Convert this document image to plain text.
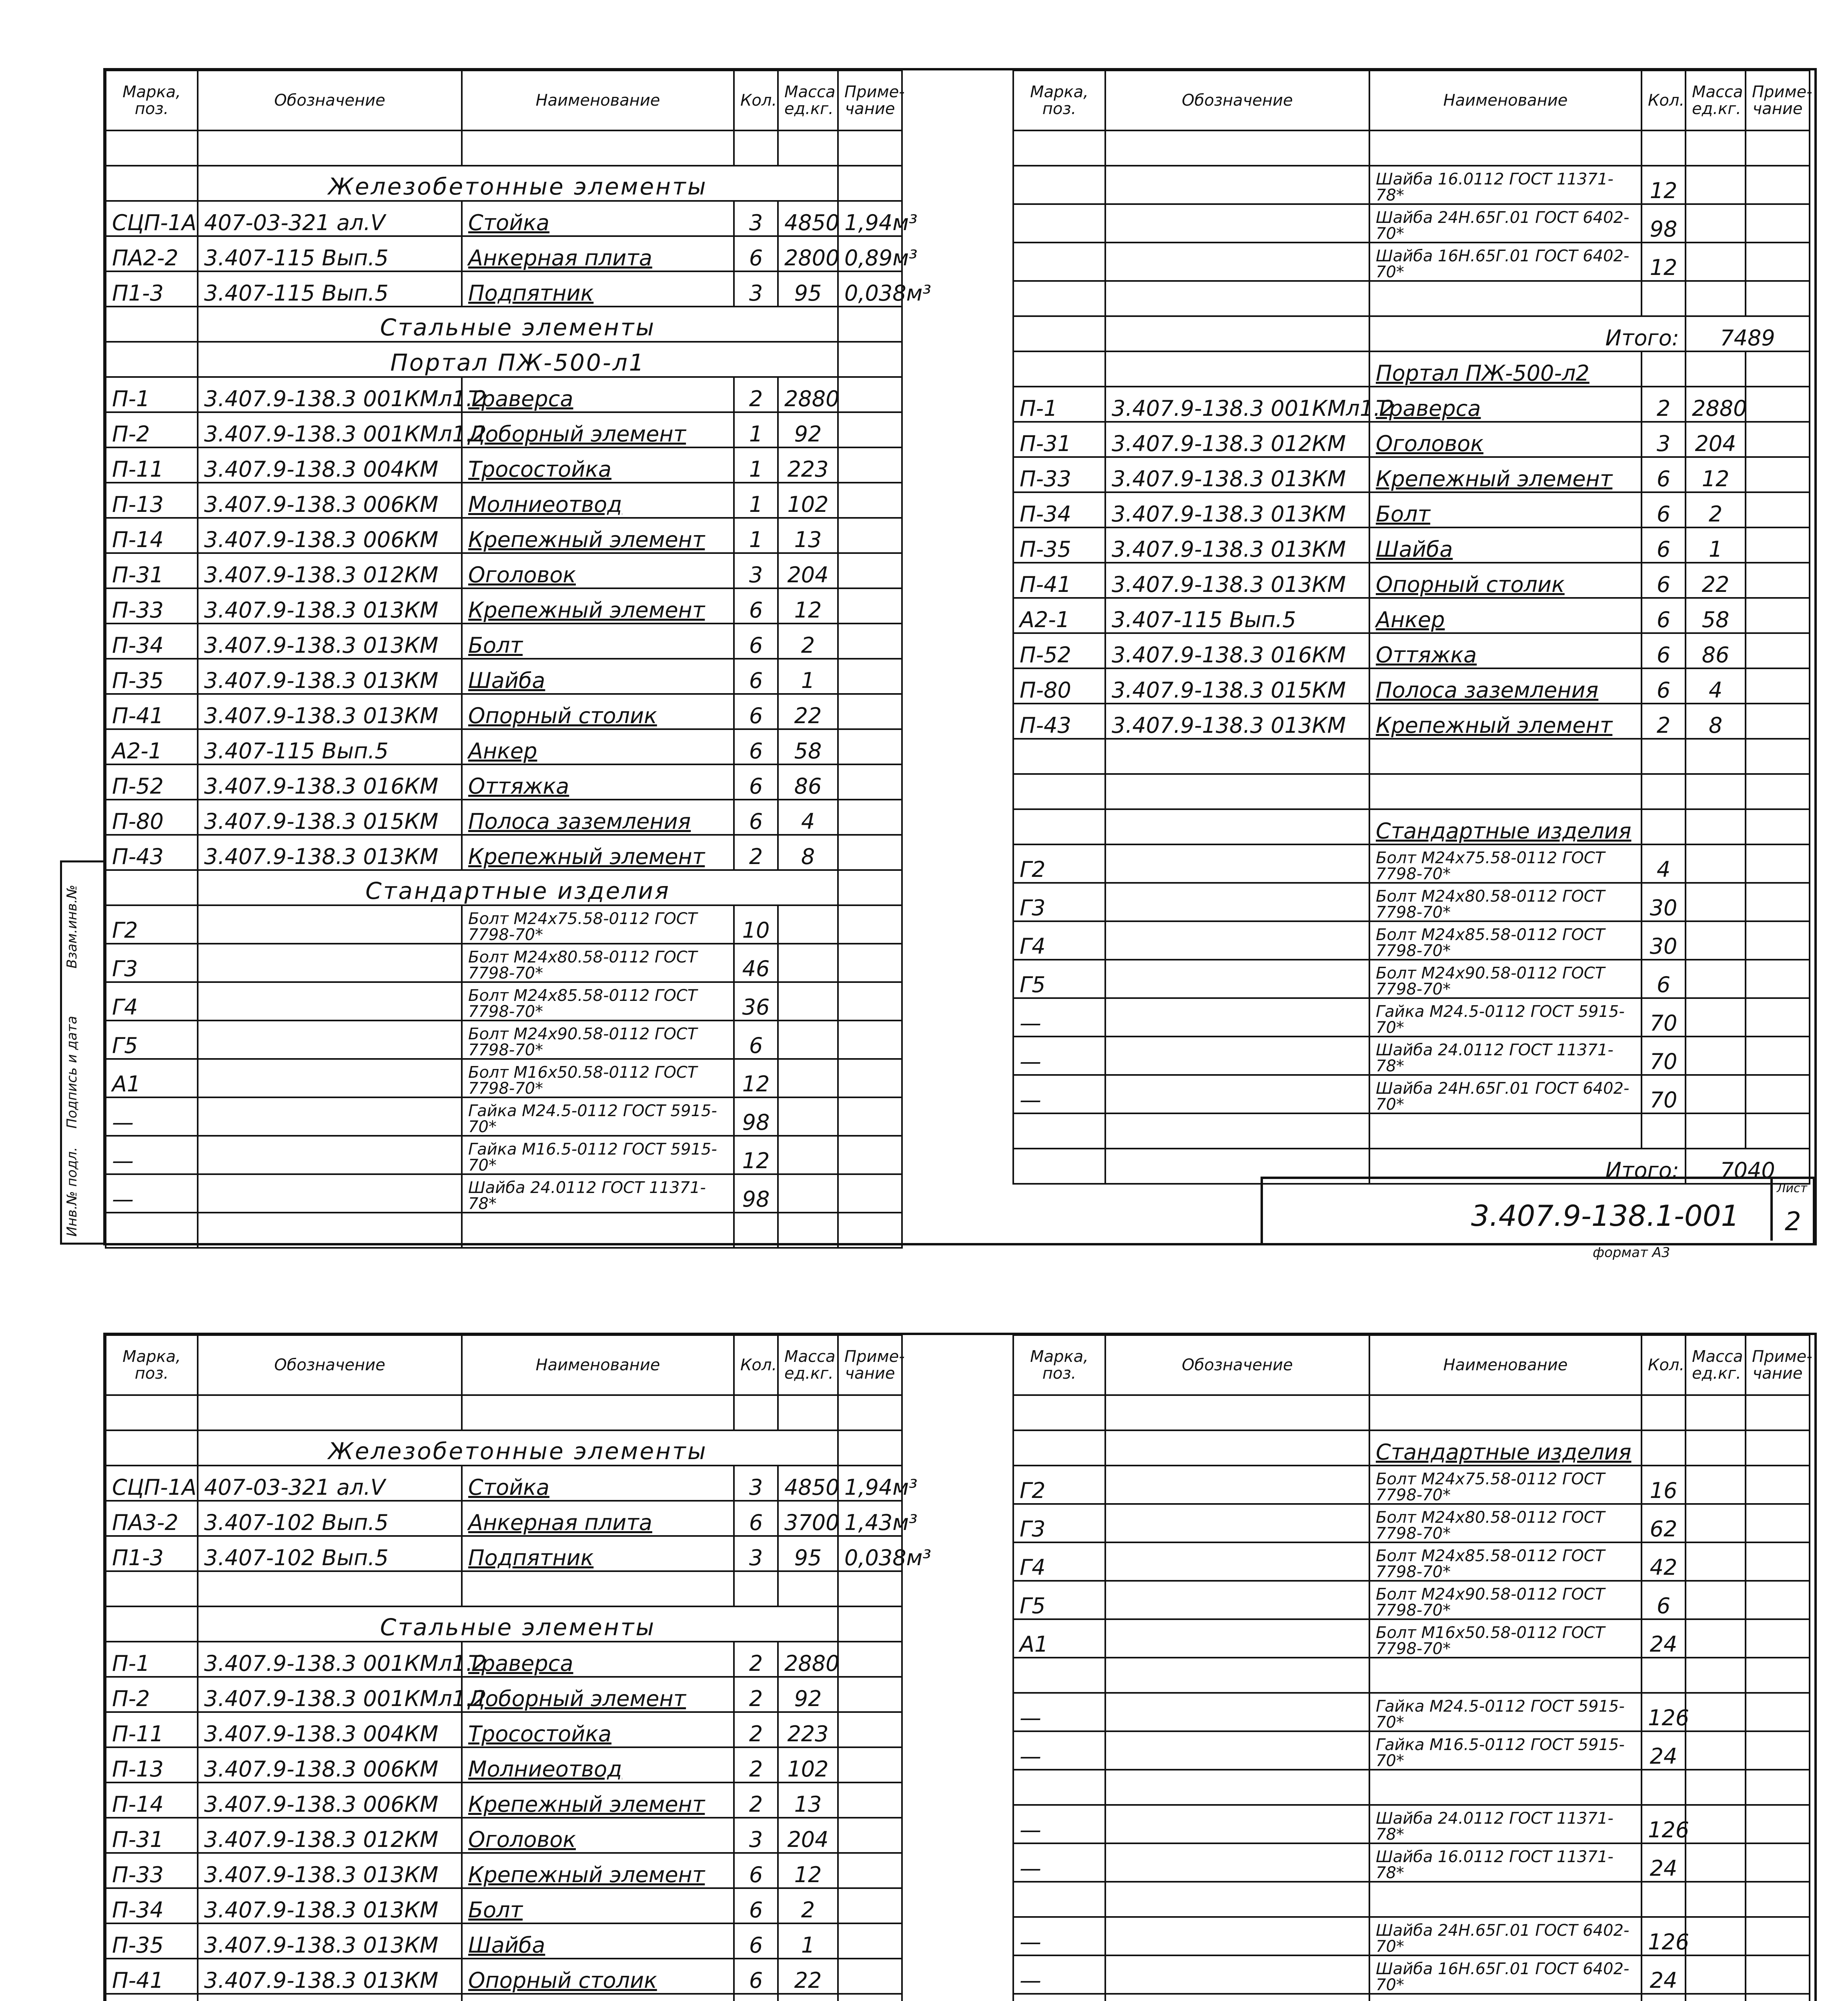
Марка, поз.	Обозначение	Наименование	Кол.	Масса ед.кг.	Приме-чание

	Железобетонные элементы				
СЦП-1А	407-03-321 ал.Ⅴ	Стойка	3	4850	1,94м³
ПА2-2	3.407-115 Вып.5	Анкерная плита	6	2800	0,89м³
П1-3	3.407-115 Вып.5	Подпятник	3	95	0,038м³
	Стальные элементы				
	Портал ПЖ-500-л1				
П-1	3.407.9-138.3 001КМл1.2	Траверса	2	2880	
П-2	3.407.9-138.3 001КМл1.2	Доборный элемент	1	92	
П-11	3.407.9-138.3 004КМ	Тросостойка	1	223	
П-13	3.407.9-138.3 006КМ	Молниеотвод	1	102	
П-14	3.407.9-138.3 006КМ	Крепежный элемент	1	13	
П-31	3.407.9-138.3 012КМ	Оголовок	3	204	
П-33	3.407.9-138.3 013КМ	Крепежный элемент	6	12	
П-34	3.407.9-138.3 013КМ	Болт	6	2	
П-35	3.407.9-138.3 013КМ	Шайба	6	1	
П-41	3.407.9-138.3 013КМ	Опорный столик	6	22	
А2-1	3.407-115 Вып.5	Анкер	6	58	
П-52	3.407.9-138.3 016КМ	Оттяжка	6	86	
П-80	3.407.9-138.3 015КМ	Полоса заземления	6	4	
П-43	3.407.9-138.3 013КМ	Крепежный элемент	2	8	
	Стандартные изделия				
Г2		Болт М24х75.58-0112 ГОСТ 7798-70*	10		
Г3		Болт М24х80.58-0112 ГОСТ 7798-70*	46		
Г4		Болт М24х85.58-0112 ГОСТ 7798-70*	36		
Г5		Болт М24х90.58-0112 ГОСТ 7798-70*	6		
А1		Болт М16х50.58-0112 ГОСТ 7798-70*	12		
—		Гайка М24.5-0112 ГОСТ 5915-70*	98		
—		Гайка М16.5-0112 ГОСТ 5915-70*	12		
—		Шайба 24.0112 ГОСТ 11371-78*	98		

Марка, поз.	Обозначение	Наименование	Кол.	Масса ед.кг.	Приме-чание

		Шайба 16.0112 ГОСТ 11371-78*	12		
		Шайба 24Н.65Г.01 ГОСТ 6402-70*	98		
		Шайба 16Н.65Г.01 ГОСТ 6402-70*	12		

		Итого:		7489	
		Портал ПЖ-500-л2			
П-1	3.407.9-138.3 001КМл1.2	Траверса	2	2880	
П-31	3.407.9-138.3 012КМ	Оголовок	3	204	
П-33	3.407.9-138.3 013КМ	Крепежный элемент	6	12	
П-34	3.407.9-138.3 013КМ	Болт	6	2	
П-35	3.407.9-138.3 013КМ	Шайба	6	1	
П-41	3.407.9-138.3 013КМ	Опорный столик	6	22	
А2-1	3.407-115 Вып.5	Анкер	6	58	
П-52	3.407.9-138.3 016КМ	Оттяжка	6	86	
П-80	3.407.9-138.3 015КМ	Полоса заземления	6	4	
П-43	3.407.9-138.3 013КМ	Крепежный элемент	2	8	

		Стандартные изделия			
Г2		Болт М24х75.58-0112 ГОСТ 7798-70*	4		
Г3		Болт М24х80.58-0112 ГОСТ 7798-70*	30		
Г4		Болт М24х85.58-0112 ГОСТ 7798-70*	30		
Г5		Болт М24х90.58-0112 ГОСТ 7798-70*	6		
—		Гайка М24.5-0112 ГОСТ 5915-70*	70		
—		Шайба 24.0112 ГОСТ 11371-78*	70		
—		Шайба 24Н.65Г.01 ГОСТ 6402-70*	70		

		Итого:		7040	
3.407.9-138.1-001
Лист
2
формат А3
Марка, поз.	Обозначение	Наименование	Кол.	Масса ед.кг.	Приме-чание

	Железобетонные элементы				
СЦП-1А	407-03-321 ал.Ⅴ	Стойка	3	4850	1,94м³
ПА3-2	3.407-102 Вып.5	Анкерная плита	6	3700	1,43м³
П1-3	3.407-102 Вып.5	Подпятник	3	95	0,038м³

	Стальные элементы				
П-1	3.407.9-138.3 001КМл1.2	Траверса	2	2880	
П-2	3.407.9-138.3 001КМл1.2	Доборный элемент	2	92	
П-11	3.407.9-138.3 004КМ	Тросостойка	2	223	
П-13	3.407.9-138.3 006КМ	Молниеотвод	2	102	
П-14	3.407.9-138.3 006КМ	Крепежный элемент	2	13	
П-31	3.407.9-138.3 012КМ	Оголовок	3	204	
П-33	3.407.9-138.3 013КМ	Крепежный элемент	6	12	
П-34	3.407.9-138.3 013КМ	Болт	6	2	
П-35	3.407.9-138.3 013КМ	Шайба	6	1	
П-41	3.407.9-138.3 013КМ	Опорный столик	6	22	

Марка, поз.	Обозначение	Наименование	Кол.	Масса ед.кг.	Приме-чание

		Стандартные изделия			
Г2		Болт М24х75.58-0112 ГОСТ 7798-70*	16		
Г3		Болт М24х80.58-0112 ГОСТ 7798-70*	62		
Г4		Болт М24х85.58-0112 ГОСТ 7798-70*	42		
Г5		Болт М24х90.58-0112 ГОСТ 7798-70*	6		
А1		Болт М16х50.58-0112 ГОСТ 7798-70*	24		

—		Гайка М24.5-0112 ГОСТ 5915-70*	126		
—		Гайка М16.5-0112 ГОСТ 5915-70*	24		

—		Шайба 24.0112 ГОСТ 11371-78*	126		
—		Шайба 16.0112 ГОСТ 11371-78*	24		

—		Шайба 24Н.65Г.01 ГОСТ 6402-70*	126		
—		Шайба 16Н.65Г.01 ГОСТ 6402-70*	24		

Инв.№ подл.
Подпись и дата
Взам.инв.№
